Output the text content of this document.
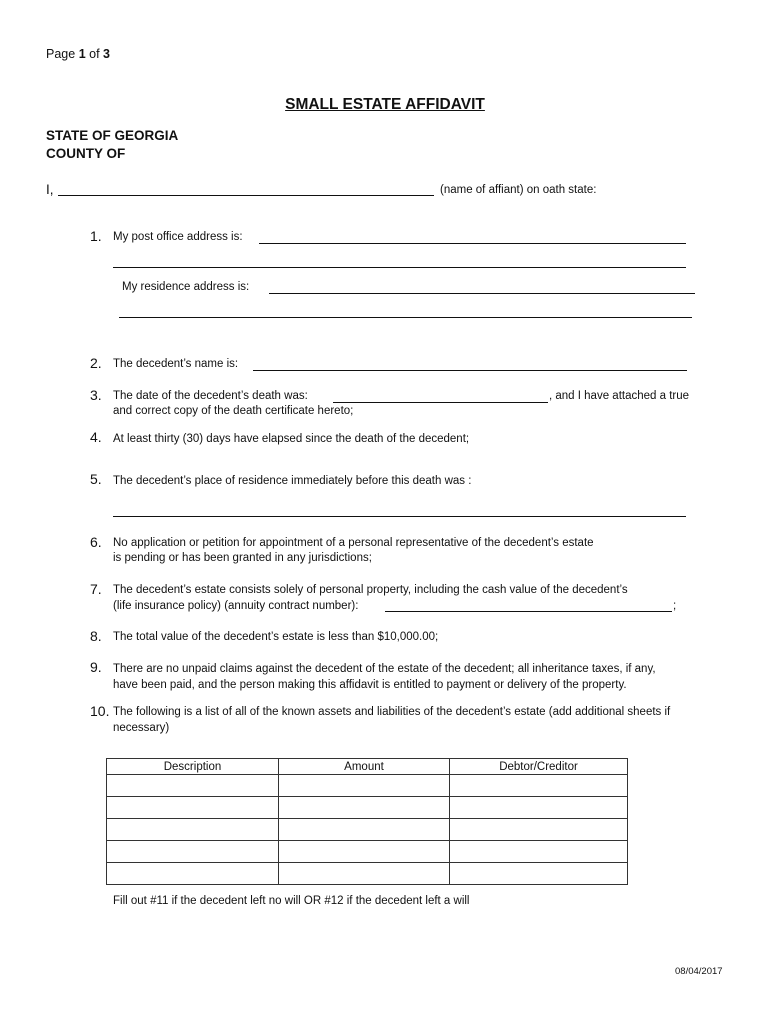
Page 1 of 3
SMALL ESTATE AFFIDAVIT
STATE OF GEORGIA
COUNTY OF
I,	(name of affiant) on oath state:
1. My post office address is:
My residence address is:
2. The decedent’s name is:
3. The date of the decedent’s death was:	, and I have attached a true
and correct copy of the death certificate hereto;
4. At least thirty (30) days have elapsed since the death of the decedent;
5. The decedent’s place of residence immediately before this death was :
6. No application or petition for appointment of a personal representative of the decedent’s estate
is pending or has been granted in any jurisdictions;
7. The decedent’s estate consists solely of personal property, including the cash value of the decedent’s
(life insurance policy) (annuity contract number):	;
8. The total value of the decedent’s estate is less than $10,000.00;
9. There are no unpaid claims against the decedent of the estate of the decedent; all inheritance taxes, if any,
have been paid, and the person making this affidavit is entitled to payment or delivery of the property.
10. The following is a list of all of the known assets and liabilities of the decedent’s estate (add additional sheets if
necessary)
Description	Amount	Debtor/Creditor

Fill out #11 if the decedent left no will OR #12 if the decedent left a will
08/04/2017
